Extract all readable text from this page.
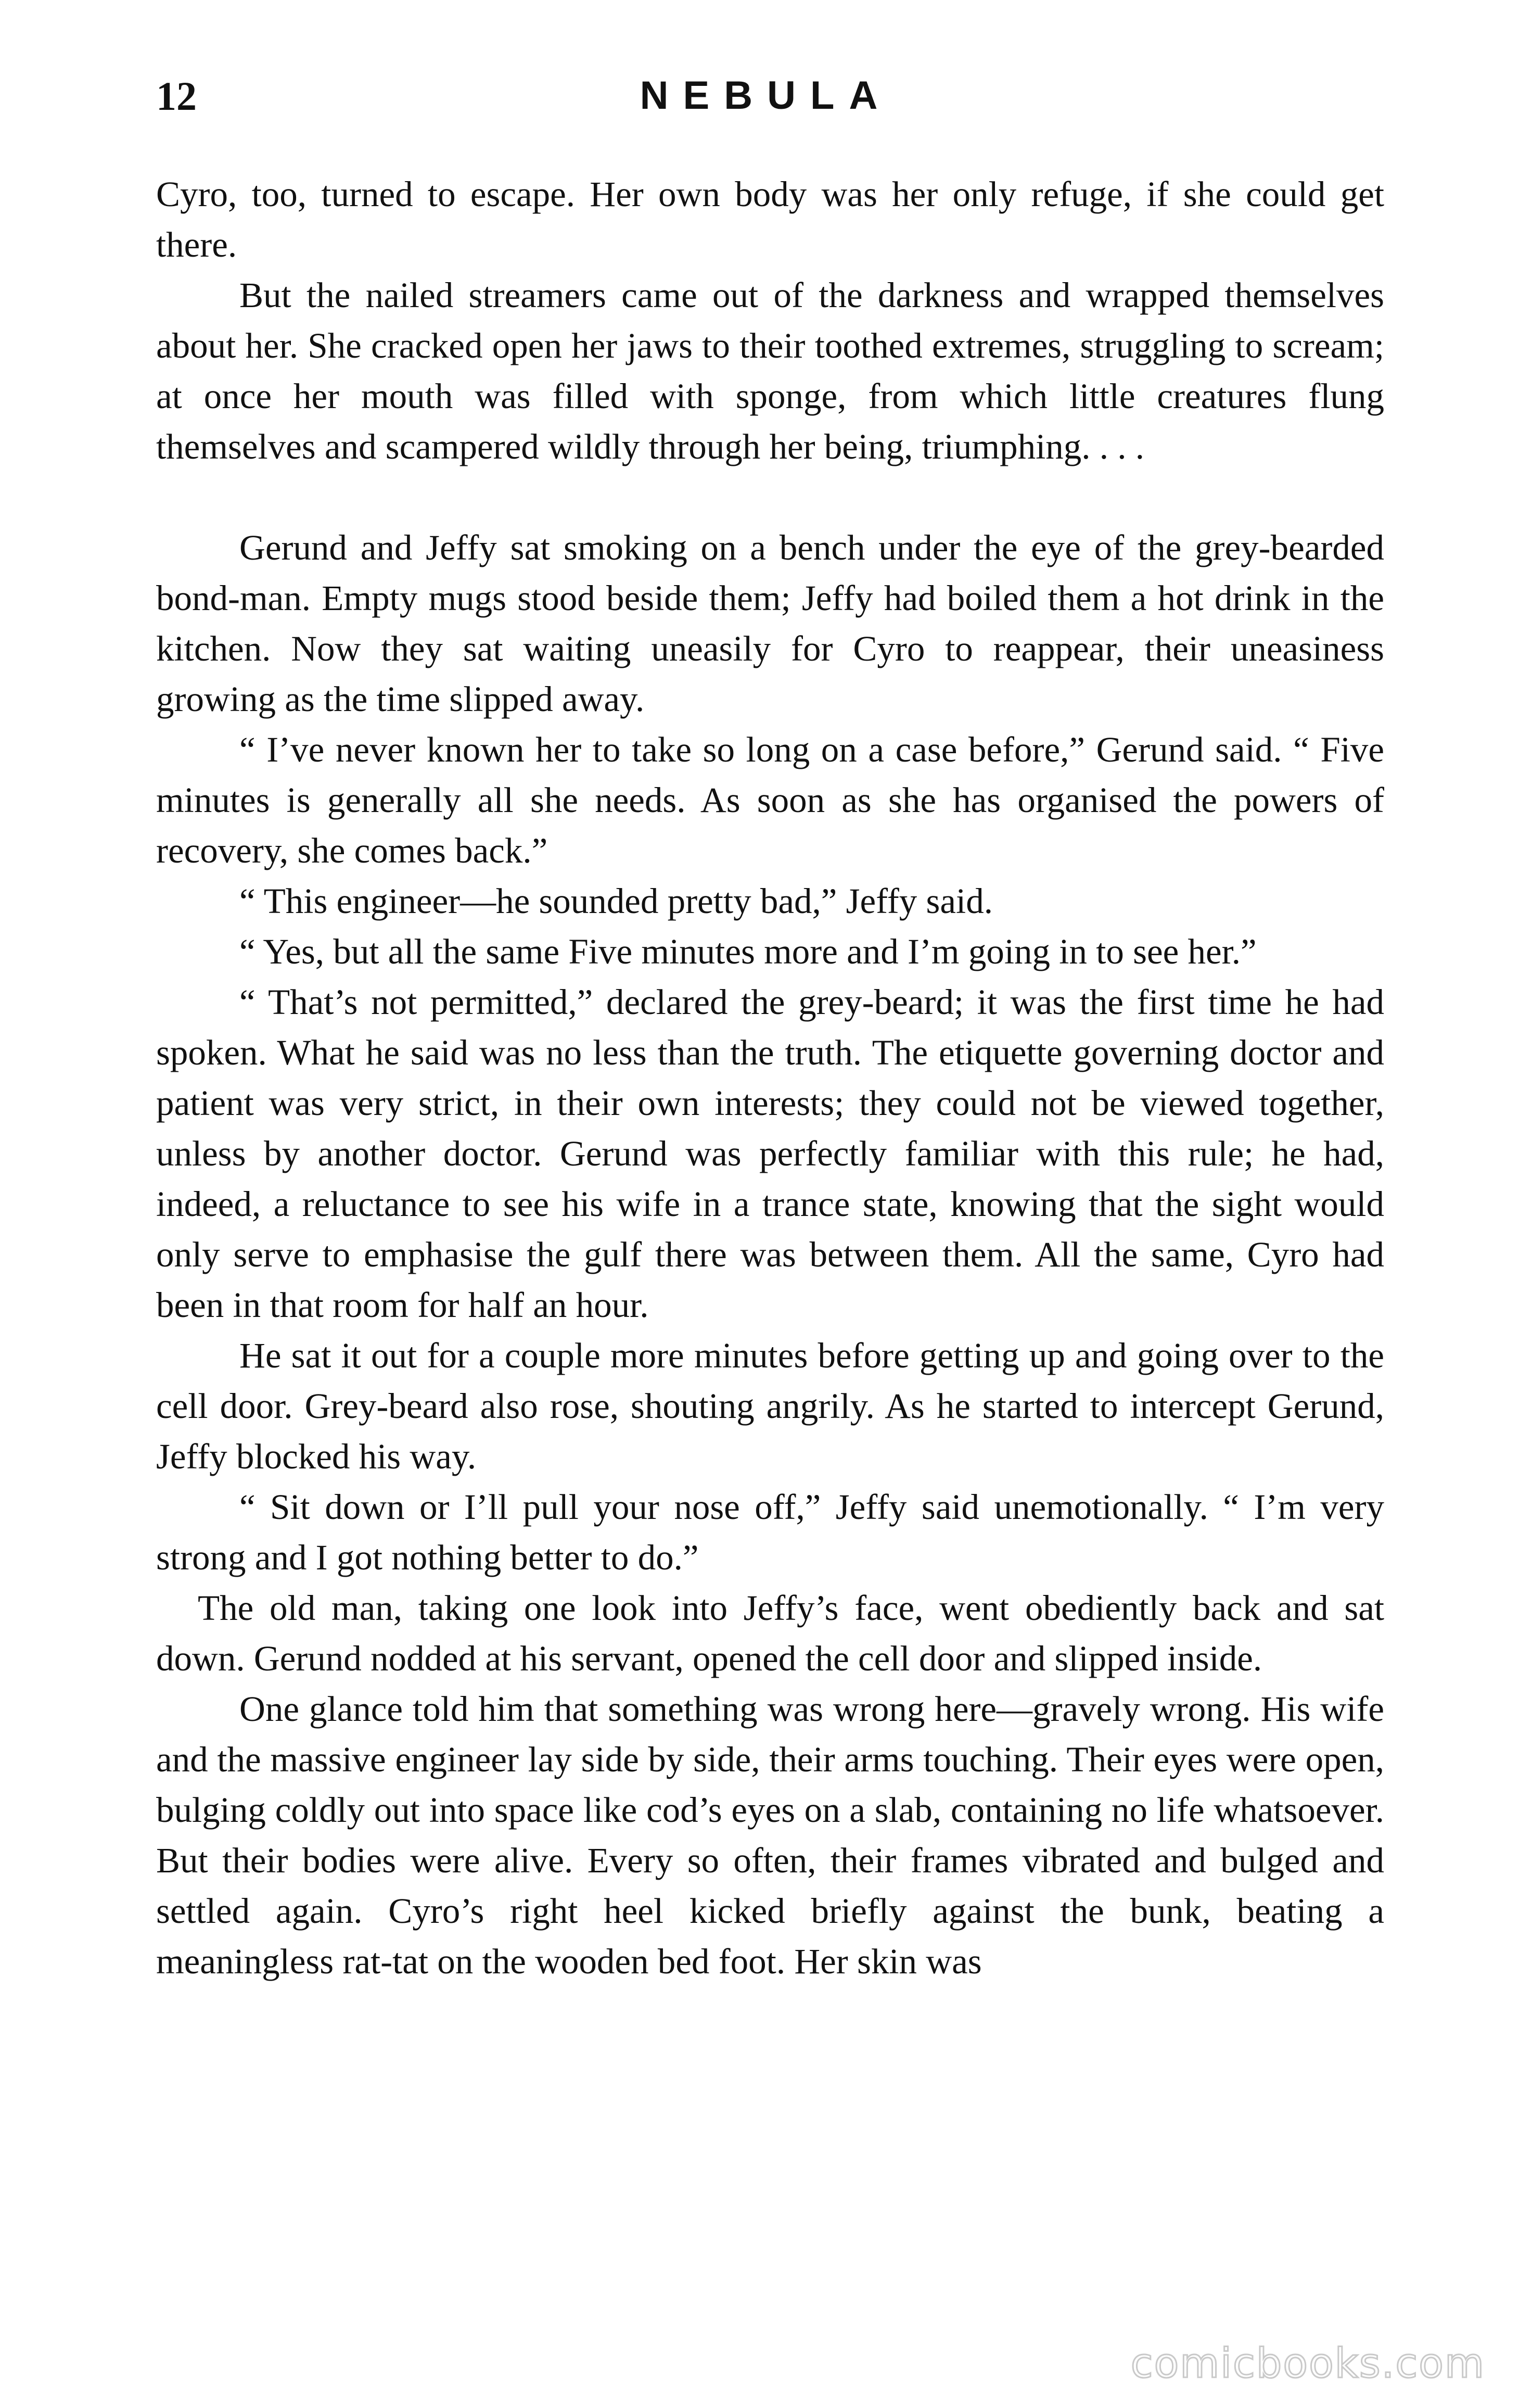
12	NEBULA

Cyro, too, turned to escape. Her own body was her only refuge, if she could get there.

But the nailed streamers came out of the darkness and wrapped themselves about her. She cracked open her jaws to their toothed extremes, struggling to scream; at once her mouth was filled with sponge, from which little creatures flung themselves and scampered wildly through her being, triumphing. . . .

Gerund and Jeffy sat smoking on a bench under the eye of the grey-bearded bond-man. Empty mugs stood beside them; Jeffy had boiled them a hot drink in the kitchen. Now they sat waiting uneasily for Cyro to reappear, their uneasiness growing as the time slipped away.

“ I’ve never known her to take so long on a case before,” Gerund said. “ Five minutes is generally all she needs. As soon as she has organised the powers of recovery, she comes back.”

“ This engineer—he sounded pretty bad,” Jeffy said.

“ Yes, but all the same Five minutes more and I’m going in to see her.”

“ That’s not permitted,” declared the grey-beard; it was the first time he had spoken. What he said was no less than the truth. The etiquette governing doctor and patient was very strict, in their own interests; they could not be viewed together, unless by another doctor. Gerund was perfectly familiar with this rule; he had, indeed, a reluctance to see his wife in a trance state, knowing that the sight would only serve to emphasise the gulf there was between them. All the same, Cyro had been in that room for half an hour.

He sat it out for a couple more minutes before getting up and going over to the cell door. Grey-beard also rose, shouting angrily. As he started to intercept Gerund, Jeffy blocked his way.

“ Sit down or I’ll pull your nose off,” Jeffy said unemotionally. “ I’m very strong and I got nothing better to do.”

The old man, taking one look into Jeffy’s face, went obediently back and sat down. Gerund nodded at his servant, opened the cell door and slipped inside.

One glance told him that something was wrong here—gravely wrong. His wife and the massive engineer lay side by side, their arms touching. Their eyes were open, bulging coldly out into space like cod’s eyes on a slab, containing no life whatsoever. But their bodies were alive. Every so often, their frames vibrated and bulged and settled again. Cyro’s right heel kicked briefly against the bunk, beating a meaningless rat-tat on the wooden bed foot. Her skin was

comicbooks.com
